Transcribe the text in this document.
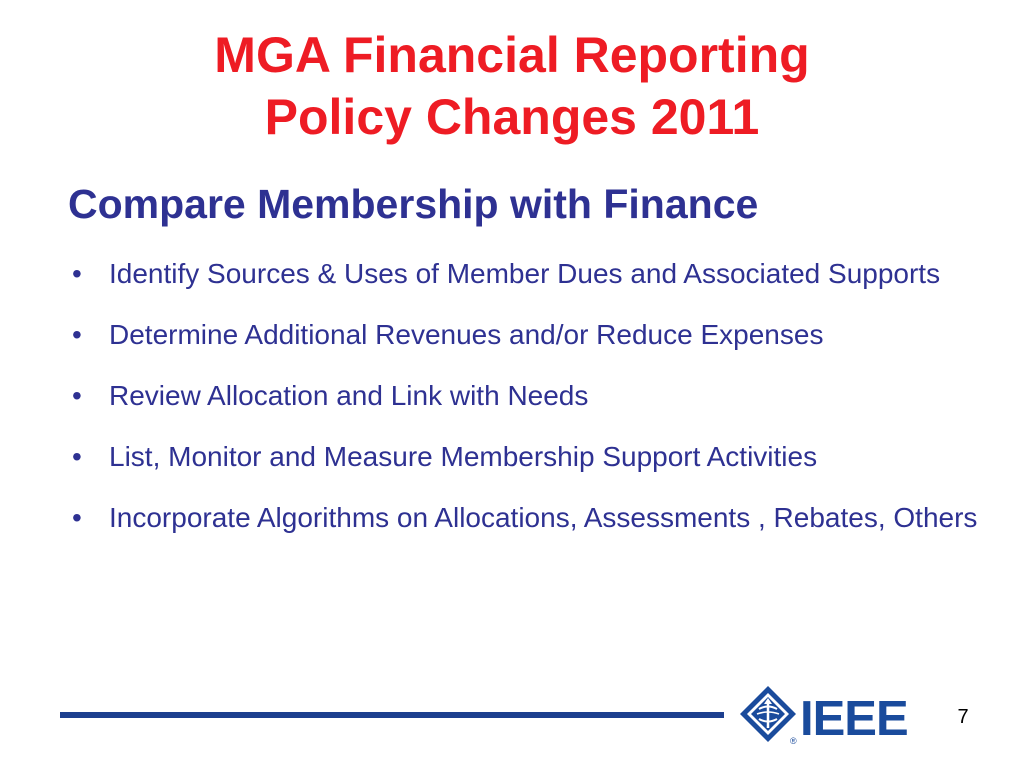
MGA Financial Reporting
Policy Changes 2011
Compare Membership with Finance
• Identify Sources & Uses of Member Dues and Associated Supports
• Determine Additional Revenues and/or Reduce Expenses
• Review Allocation and Link with Needs
• List, Monitor and Measure Membership Support Activities
• Incorporate Algorithms on Allocations, Assessments , Rebates, Others
IEEE
®
7
